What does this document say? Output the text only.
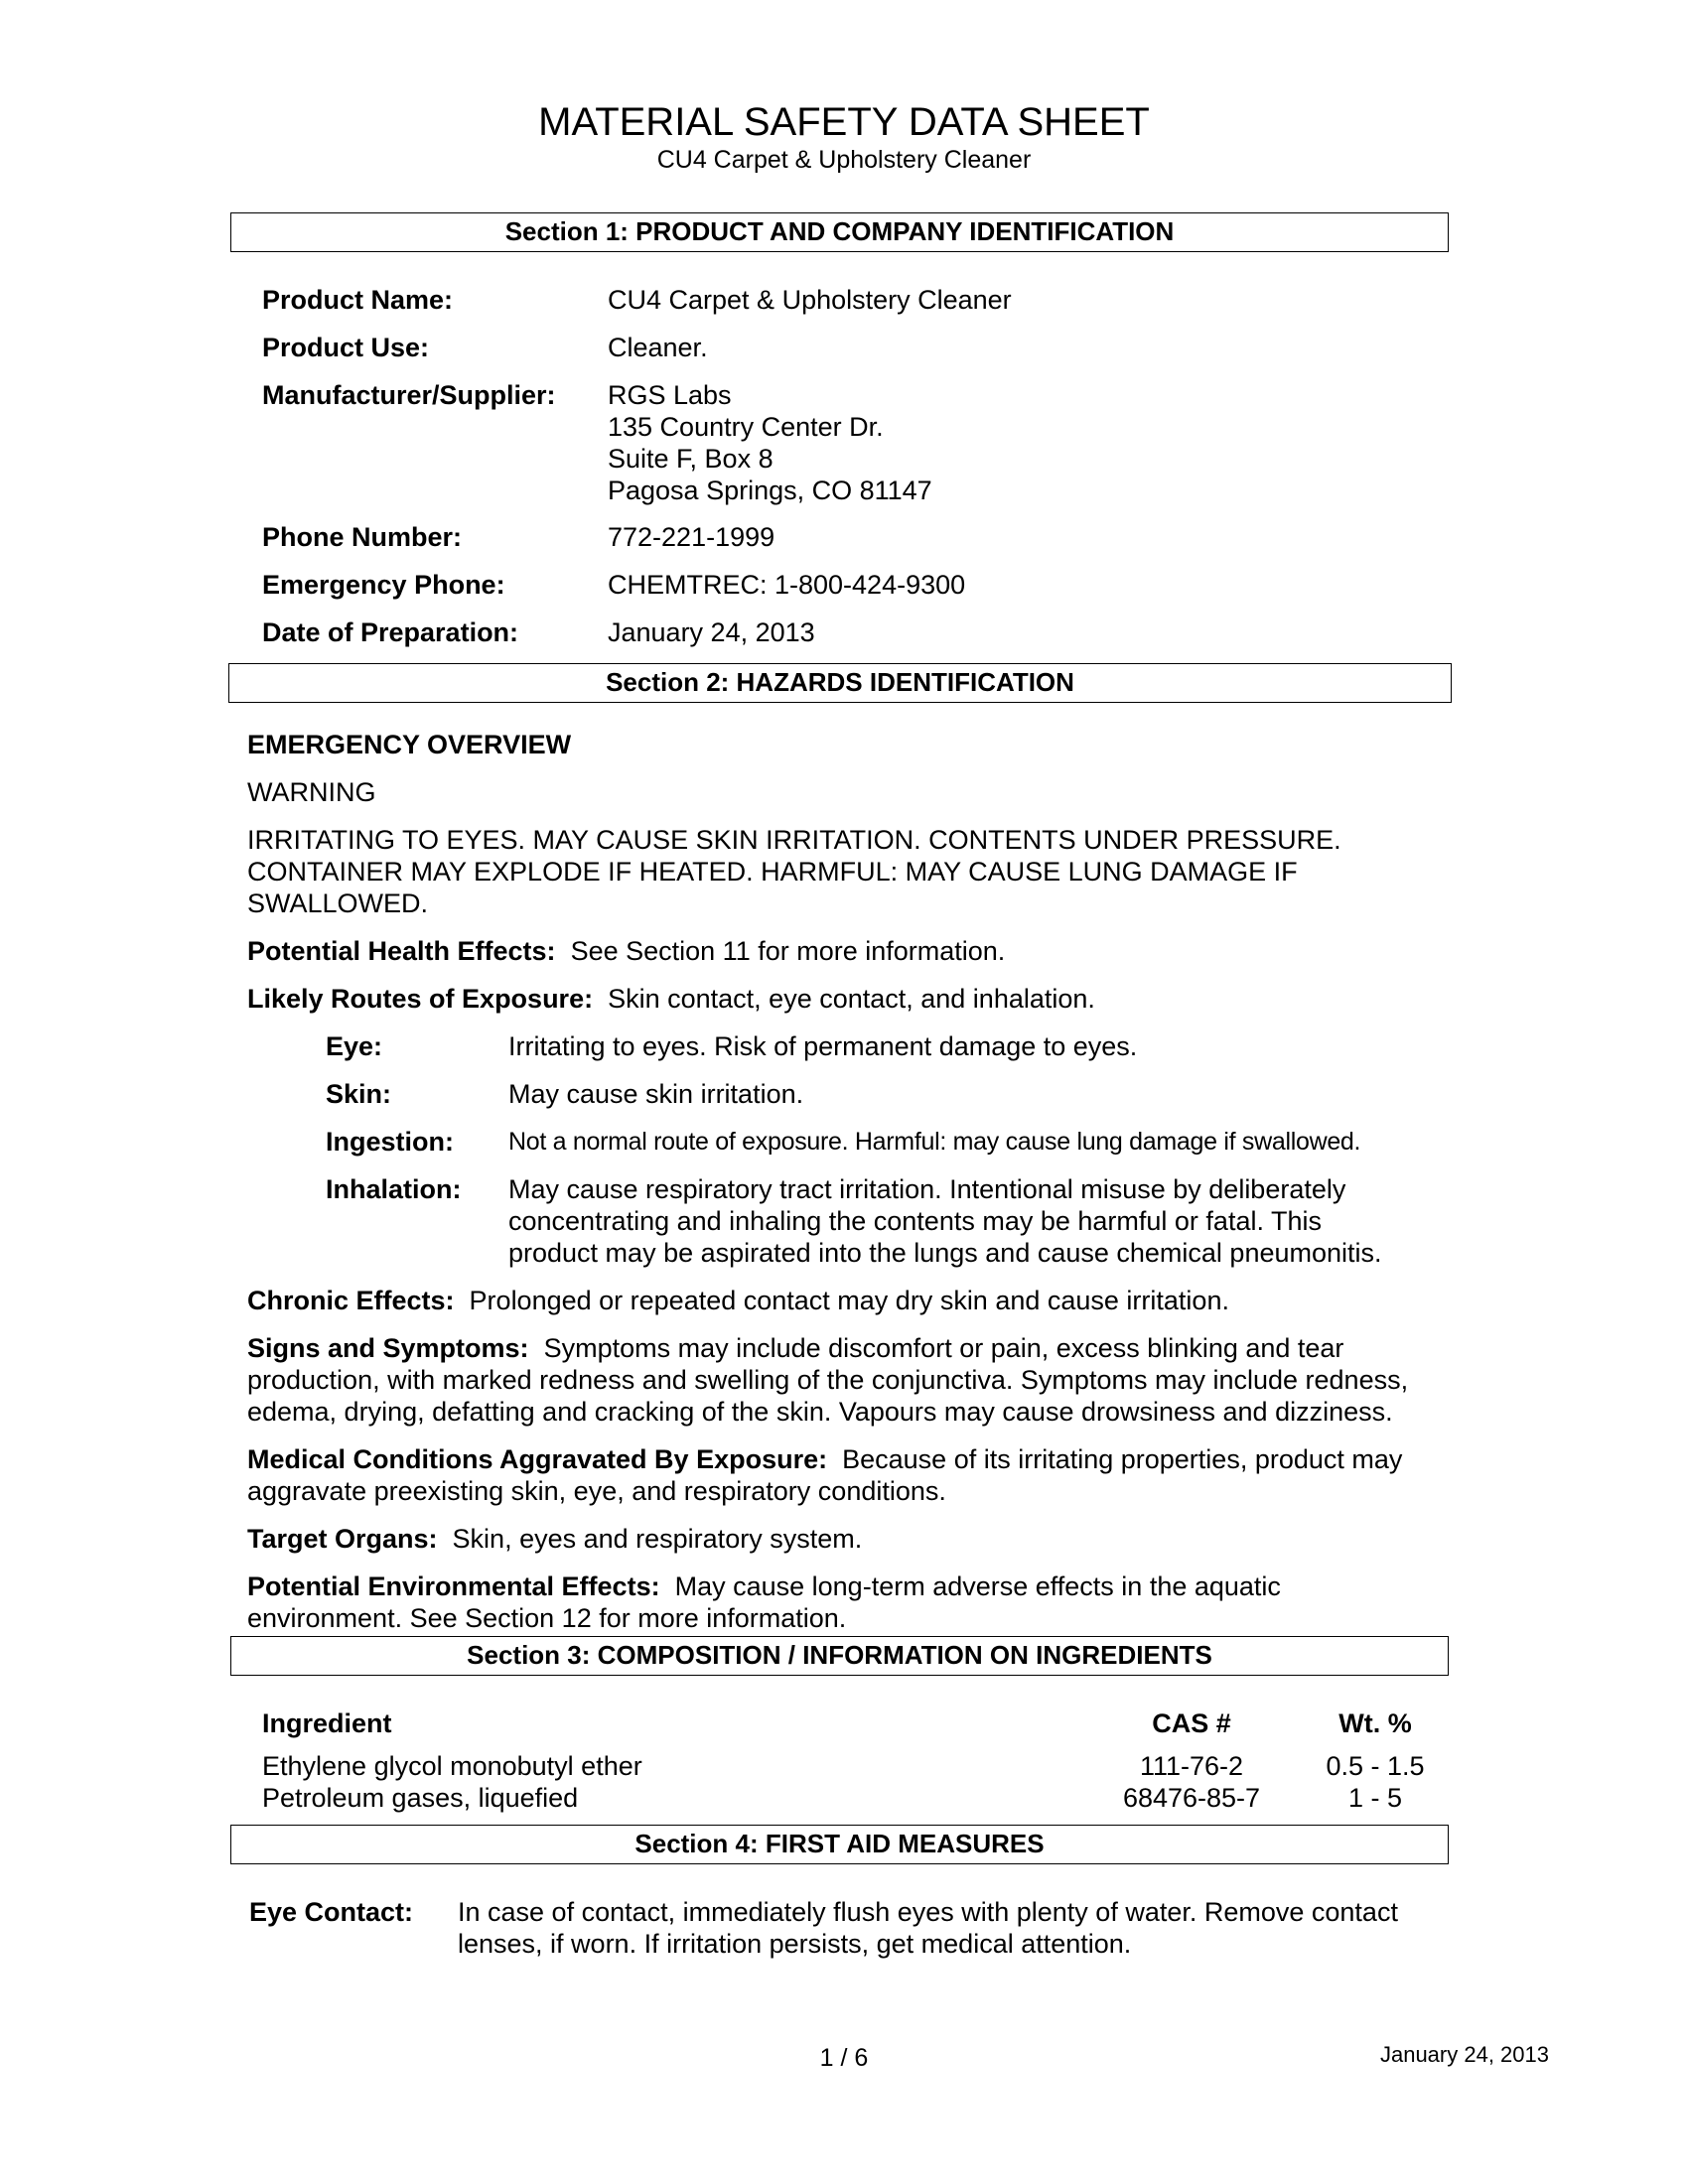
MATERIAL SAFETY DATA SHEET
CU4 Carpet & Upholstery Cleaner
Section 1: PRODUCT AND COMPANY IDENTIFICATION
Product Name:	CU4 Carpet & Upholstery Cleaner
Product Use:	Cleaner.
Manufacturer/Supplier: RGS Labs
135 Country Center Dr.
Suite F, Box 8
Pagosa Springs, CO 81147
Phone Number:	772-221-1999
Emergency Phone:	CHEMTREC: 1-800-424-9300
Date of Preparation:	January 24, 2013
Section 2: HAZARDS IDENTIFICATION
EMERGENCY OVERVIEW
WARNING
IRRITATING TO EYES. MAY CAUSE SKIN IRRITATION. CONTENTS UNDER PRESSURE.
CONTAINER MAY EXPLODE IF HEATED. HARMFUL: MAY CAUSE LUNG DAMAGE IF
SWALLOWED.
Potential Health Effects: See Section 11 for more information.
Likely Routes of Exposure: Skin contact, eye contact, and inhalation.
Eye:	Irritating to eyes. Risk of permanent damage to eyes.
Skin:	May cause skin irritation.
Ingestion: Not a normal route of exposure. Harmful: may cause lung damage if swallowed.
Inhalation: May cause respiratory tract irritation. Intentional misuse by deliberately
concentrating and inhaling the contents may be harmful or fatal. This
product may be aspirated into the lungs and cause chemical pneumonitis.
Chronic Effects: Prolonged or repeated contact may dry skin and cause irritation.
Signs and Symptoms: Symptoms may include discomfort or pain, excess blinking and tear
production, with marked redness and swelling of the conjunctiva. Symptoms may include redness,
edema, drying, defatting and cracking of the skin. Vapours may cause drowsiness and dizziness.
Medical Conditions Aggravated By Exposure: Because of its irritating properties, product may
aggravate preexisting skin, eye, and respiratory conditions.
Target Organs: Skin, eyes and respiratory system.
Potential Environmental Effects: May cause long-term adverse effects in the aquatic
environment. See Section 12 for more information.
Section 3: COMPOSITION / INFORMATION ON INGREDIENTS
Ingredient	CAS #	Wt. %
Ethylene glycol monobutyl ether	111-76-2	0.5 - 1.5
Petroleum gases, liquefied	68476-85-7	1 - 5
Section 4: FIRST AID MEASURES
Eye Contact: In case of contact, immediately flush eyes with plenty of water. Remove contact
lenses, if worn. If irritation persists, get medical attention.
1 / 6	January 24, 2013
